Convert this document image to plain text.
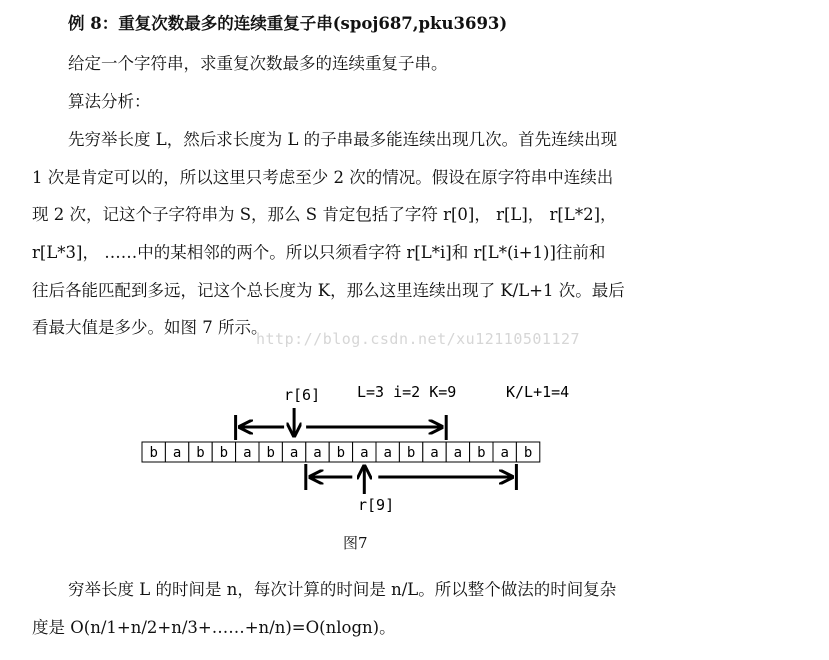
例 8：重复次数最多的连续重复子串(spoj687,pku3693)
给定一个字符串，求重复次数最多的连续重复子串。
算法分析：
先穷举长度 L，然后求长度为 L 的子串最多能连续出现几次。首先连续出现
1 次是肯定可以的，所以这里只考虑至少 2 次的情况。假设在原字符串中连续出
现 2 次，记这个子字符串为 S，那么 S 肯定包括了字符 r[0]， r[L]， r[L*2]，
r[L*3]， ……中的某相邻的两个。所以只须看字符 r[L*i]和 r[L*(i+1)]往前和
往后各能匹配到多远，记这个总长度为 K，那么这里连续出现了 K/L+1 次。最后
看最大值是多少。如图 7 所示。
http://blog.csdn.net/xu12110501127
b a b b a b a a b a a b a a b a b
r[6] L=3 i=2 K=9	K/L+1=4
r[9]
图7
穷举长度 L 的时间是 n，每次计算的时间是 n/L。所以整个做法的时间复杂
度是 O(n/1+n/2+n/3+……+n/n)=O(nlogn)。
